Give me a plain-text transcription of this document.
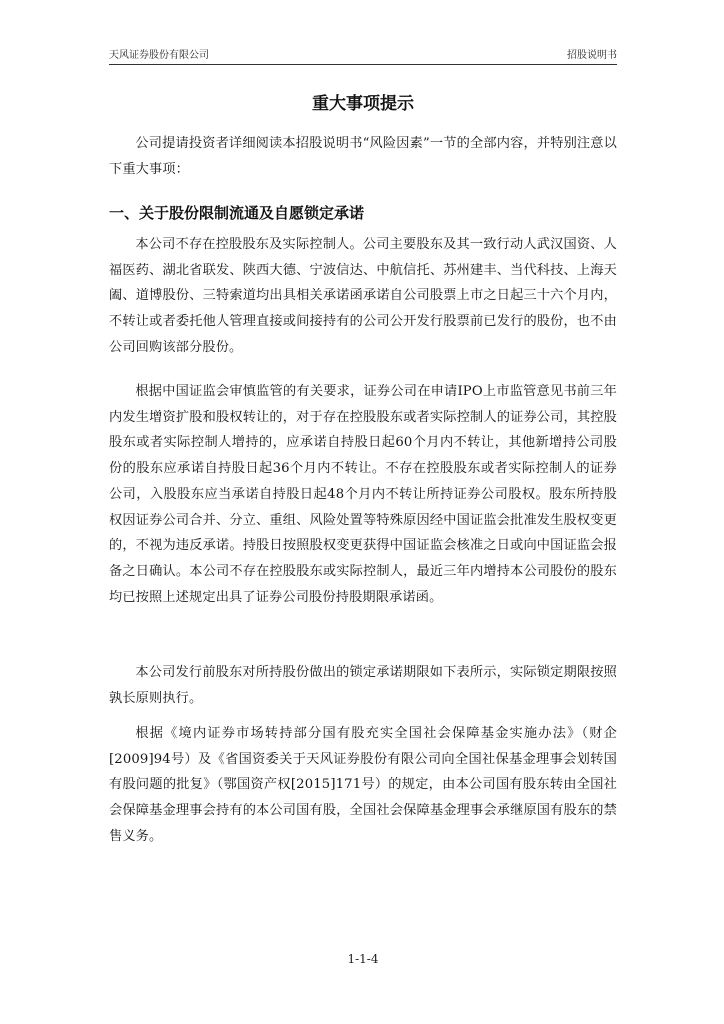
天风证券股份有限公司	招股说明书
重大事项提示

公司提请投资者详细阅读本招股说明书“风险因素”一节的全部内容，并特别注意以下重大事项：

一、关于股份限制流通及自愿锁定承诺

本公司不存在控股股东及实际控制人。公司主要股东及其一致行动人武汉国资、人福医药、湖北省联发、陕西大德、宁波信达、中航信托、苏州建丰、当代科技、上海天阖、道博股份、三特索道均出具相关承诺函承诺自公司股票上市之日起三十六个月内，不转让或者委托他人管理直接或间接持有的公司公开发行股票前已发行的股份，也不由公司回购该部分股份。

根据中国证监会审慎监管的有关要求，证券公司在申请IPO上市监管意见书前三年内发生增资扩股和股权转让的，对于存在控股股东或者实际控制人的证券公司，其控股股东或者实际控制人增持的，应承诺自持股日起60个月内不转让，其他新增持公司股份的股东应承诺自持股日起36个月内不转让。不存在控股股东或者实际控制人的证券公司，入股股东应当承诺自持股日起48个月内不转让所持证券公司股权。股东所持股权因证券公司合并、分立、重组、风险处置等特殊原因经中国证监会批准发生股权变更的，不视为违反承诺。持股日按照股权变更获得中国证监会核准之日或向中国证监会报备之日确认。本公司不存在控股股东或实际控制人，最近三年内增持本公司股份的股东均已按照上述规定出具了证券公司股份持股期限承诺函。

本公司发行前股东对所持股份做出的锁定承诺期限如下表所示，实际锁定期限按照孰长原则执行。

根据《境内证券市场转持部分国有股充实全国社会保障基金实施办法》（财企[2009]94号）及《省国资委关于天风证券股份有限公司向全国社保基金理事会划转国有股问题的批复》（鄂国资产权[2015]171号）的规定，由本公司国有股东转由全国社会保障基金理事会持有的本公司国有股，全国社会保障基金理事会承继原国有股东的禁售义务。

1-1-4
